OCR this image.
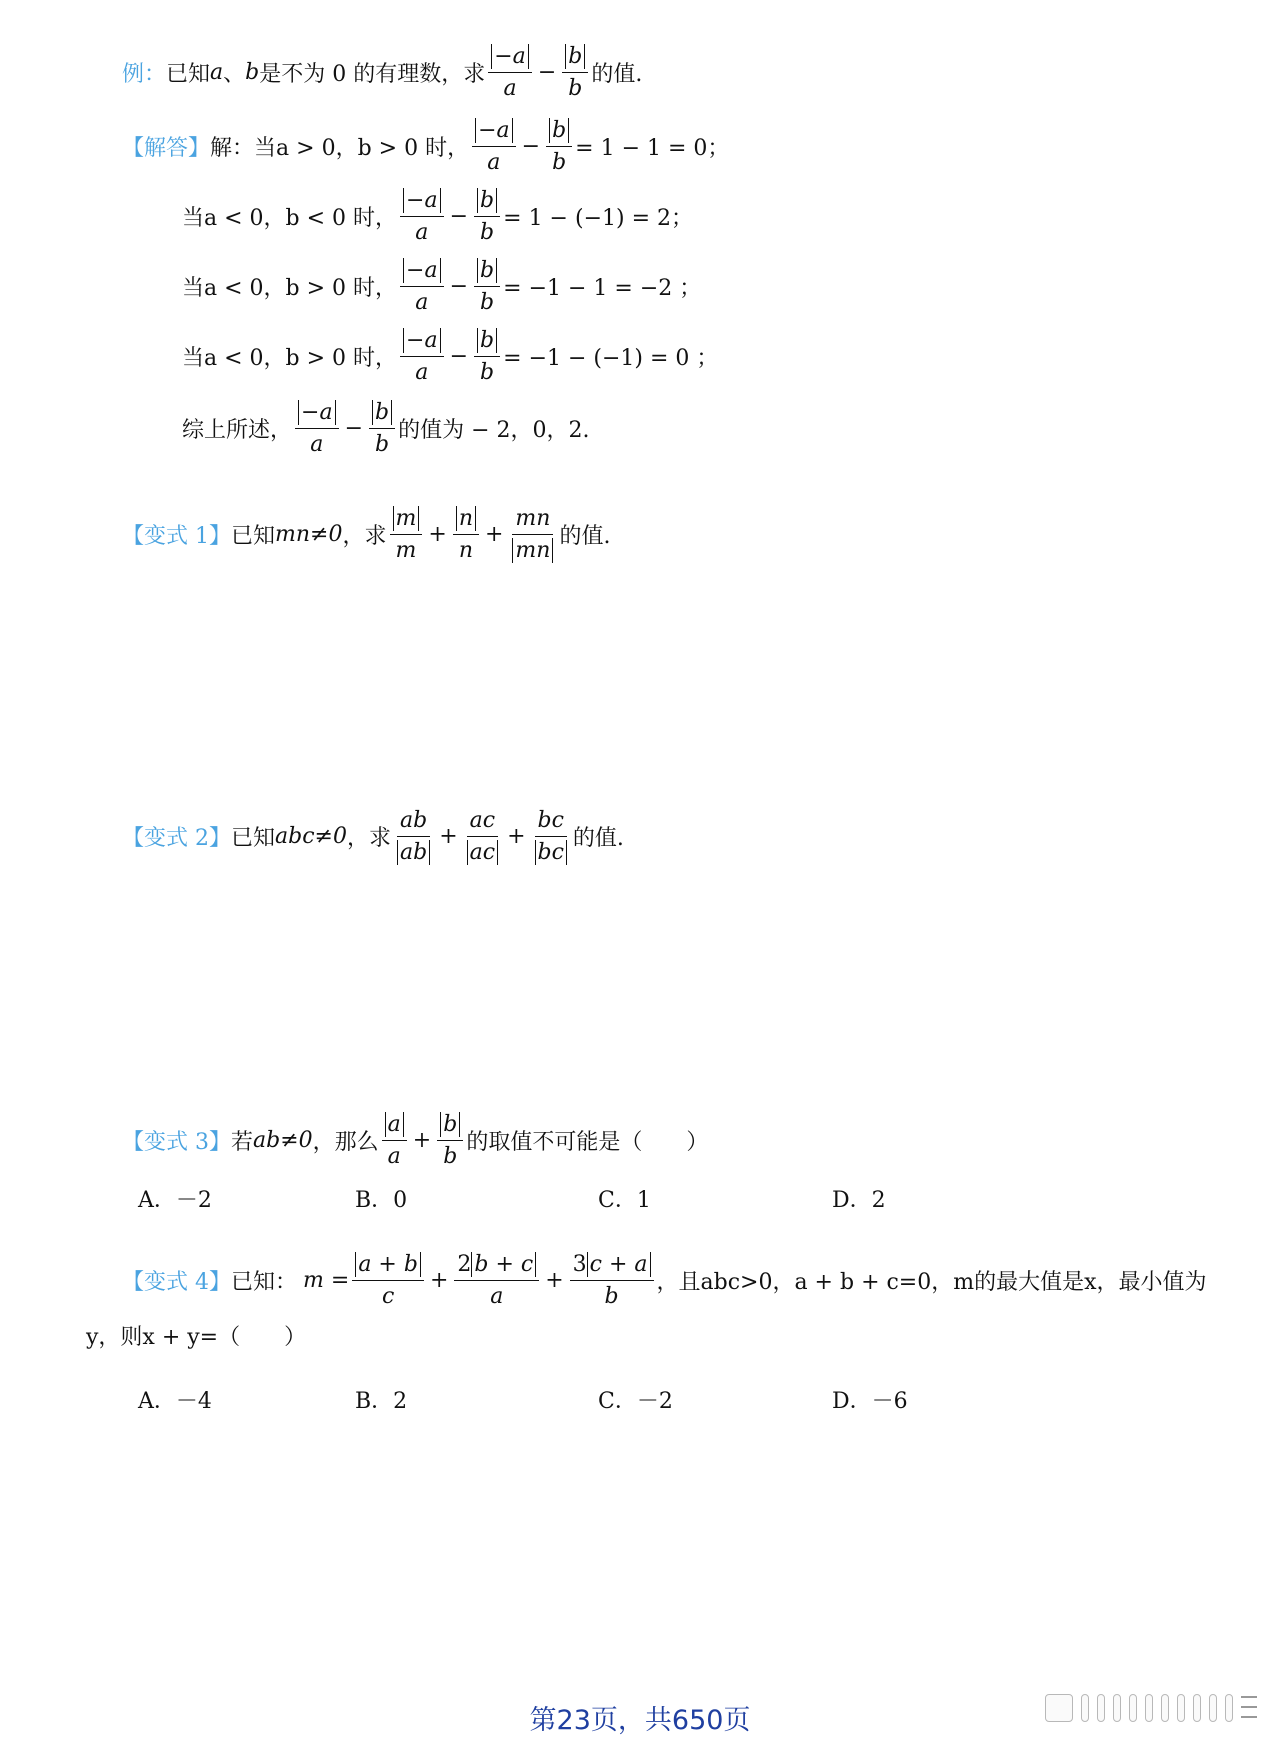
例： 已知 a 、 b 是不为 0 的有理数，求 $\frac{-a}{a} - \frac{b}{b}$ 的值.
【解答】 解： 当 a > 0，b > 0 时， $\frac{-a}{a} - \frac{b}{b} = 1 - 1 = 0$；
当 a < 0，b < 0 时， $\frac{-a}{a} - \frac{b}{b} = 1 - (-1) = 2$；
当 a < 0，b > 0 时， $\frac{-a}{a} - \frac{b}{b} = -1 - 1 = -2$ ；
当 a < 0，b > 0 时， $\frac{-a}{a} - \frac{b}{b} = -1 - (-1) = 0$ ；
综上所述， $\frac{-a}{a} - \frac{b}{b}$ 的值为 − 2，0，2.
【变式 1】 已知 mn≠0 ，求 $\frac{m}{m} + \frac{n}{n} + \frac{mn}{mn}$ 的值.
【变式 2】 已知 abc≠0 ，求 $\frac{ab}{ab} + \frac{ac}{ac} + \frac{bc}{bc}$ 的值.
【变式 3】 若 ab≠0 ，那么 $\frac{a}{a} + \frac{b}{b}$ 的取值不可能是（　　）
A．－2	B．0	C．1	D．2
【变式 4】 已知： $m = \frac{a + b}{c} + \frac{2 b + c}{a} + \frac{3 c + a}{b}$ ，且abc>0，a + b + c=0，m的最大值是x，最小值为
y，则x + y=（　　）
A．－4	B．2	C．－2	D．－6
第23页，共650页
